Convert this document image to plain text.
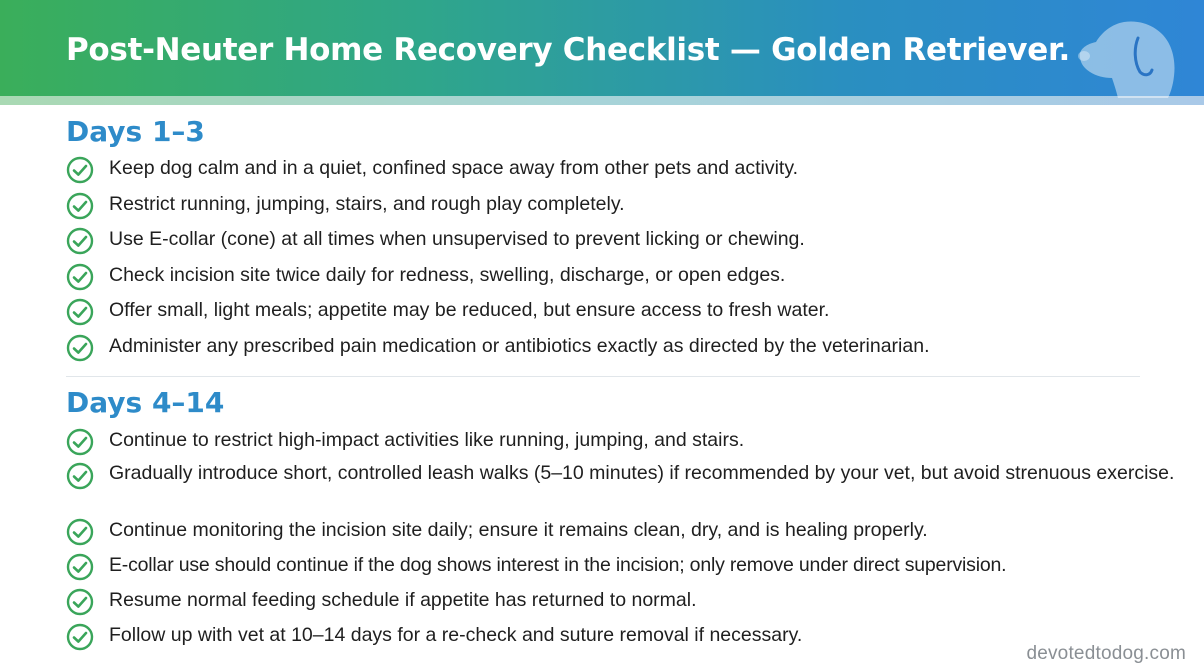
Post-Neuter Home Recovery Checklist — Golden Retriever.
Days 1–3
Keep dog calm and in a quiet, confined space away from other pets and activity.
Restrict running, jumping, stairs, and rough play completely.
Use E-collar (cone) at all times when unsupervised to prevent licking or chewing.
Check incision site twice daily for redness, swelling, discharge, or open edges.
Offer small, light meals; appetite may be reduced, but ensure access to fresh water.
Administer any prescribed pain medication or antibiotics exactly as directed by the veterinarian.
Days 4–14
Continue to restrict high-impact activities like running, jumping, and stairs.
Gradually introduce short, controlled leash walks (5–10 minutes) if recommended by your vet, but avoid strenuous exercise.
Continue monitoring the incision site daily; ensure it remains clean, dry, and is healing properly.
E-collar use should continue if the dog shows interest in the incision; only remove under direct supervision.
Resume normal feeding schedule if appetite has returned to normal.
Follow up with vet at 10–14 days for a re-check and suture removal if necessary.
devotedtodog.com
